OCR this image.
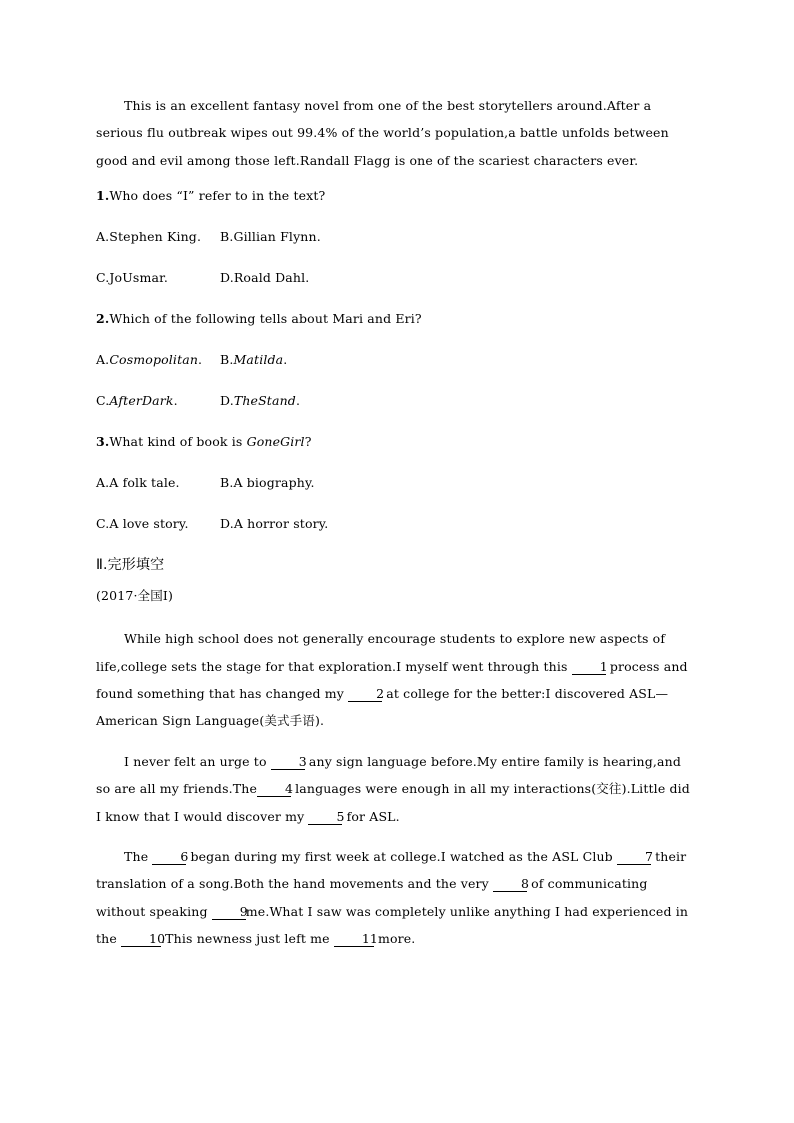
This is an excellent fantasy novel from one of the best storytellers around.After a serious flu outbreak wipes out 99.4% of the world’s population,a battle unfolds between good and evil among those left.Randall Flagg is one of the scariest characters ever.

1.Who does “I” refer to in the text?

A.Stephen King. B.Gillian Flynn.

C.JoUsmar.	D.Roald Dahl.

2.Which of the following tells about Mari and Eri?

A.Cosmopolitan. B.Matilda.

C.AfterDark.	D.TheStand.

3.What kind of book is GoneGirl?

A.A folk tale.	B.A biography.

C.A love story.	D.A horror story.

Ⅱ.完形填空

(2017·全国Ⅰ)

While high school does not generally encourage students to explore new aspects of life,college sets the stage for that exploration.I myself went through this 1 process and found something that has changed my 2 at college for the better:I discovered ASL—American Sign Language(美式手语).

I never felt an urge to 3 any sign language before.My entire family is hearing,and so are all my friends.The 4 languages were enough in all my interactions(交往).Little did I know that I would discover my 5 for ASL.

The 6 began during my first week at college.I watched as the ASL Club 7 their translation of a song.Both the hand movements and the very 8 of communicating without speaking 9me.What I saw was completely unlike anything I had experienced in the 10.This newness just left me 11 more.
